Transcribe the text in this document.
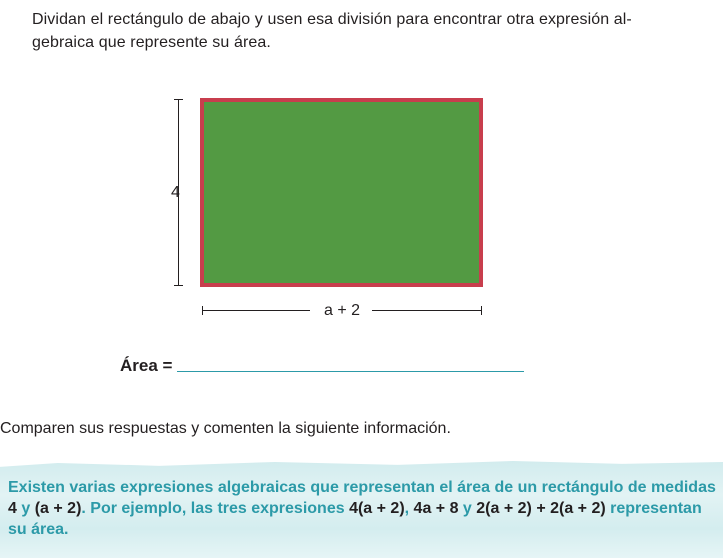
Dividan el rectángulo de abajo y usen esa división para encontrar otra expresión al-gebraica que represente su área.
4
a + 2
Área =
Comparen sus respuestas y comenten la siguiente información.
Existen varias expresiones algebraicas que representan el área de un rectángulo de medidas 4 y (a + 2). Por ejemplo, las tres expresiones 4(a + 2), 4a + 8 y 2(a + 2) + 2(a + 2) representan su área.
